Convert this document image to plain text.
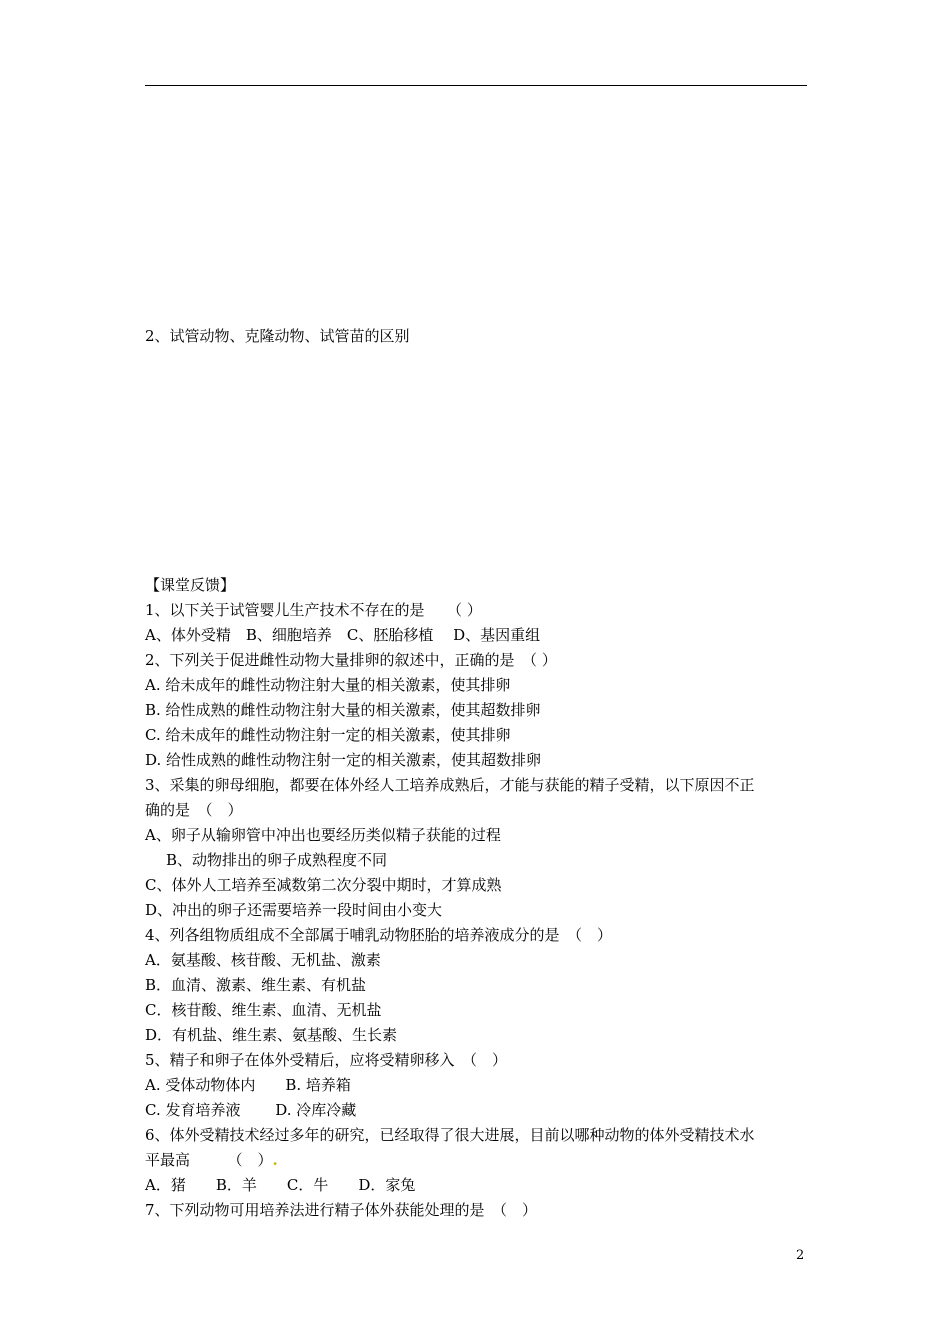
2、试管动物、克隆动物、试管苗的区别
【课堂反馈】
1、以下关于试管婴儿生产技术不存在的是　　（ ）
A、体外受精　B、细胞培养　C、胚胎移植　 D、基因重组
2、下列关于促进雌性动物大量排卵的叙述中，正确的是　（ ）
A. 给未成年的雌性动物注射大量的相关激素，使其排卵
B. 给性成熟的雌性动物注射大量的相关激素，使其超数排卵
C. 给未成年的雌性动物注射一定的相关激素，使其排卵
D. 给性成熟的雌性动物注射一定的相关激素，使其超数排卵
3、采集的卵母细胞，都要在体外经人工培养成熟后，才能与获能的精子受精，以下原因不正
确的是　（　）
A、卵子从输卵管中冲出也要经历类似精子获能的过程
B、动物排出的卵子成熟程度不同
C、体外人工培养至减数第二次分裂中期时，才算成熟
D、冲出的卵子还需要培养一段时间由小变大
4、列各组物质组成不全部属于哺乳动物胚胎的培养液成分的是　（　）
A．氨基酸、核苷酸、无机盐、激素
B．血清、激素、维生素、有机盐
C．核苷酸、维生素、血清、无机盐
D．有机盐、维生素、氨基酸、生长素
5、精子和卵子在体外受精后，应将受精卵移入　（　）
A. 受体动物体内　　B. 培养箱
C. 发育培养液　　 D. 冷库冷藏
6、体外受精技术经过多年的研究，已经取得了很大进展，目前以哪种动物的体外受精技术水
平最高　　　（　）.
A．猪　　B．羊　　C．牛　　D．家兔
7、下列动物可用培养法进行精子体外获能处理的是　（　）
2
